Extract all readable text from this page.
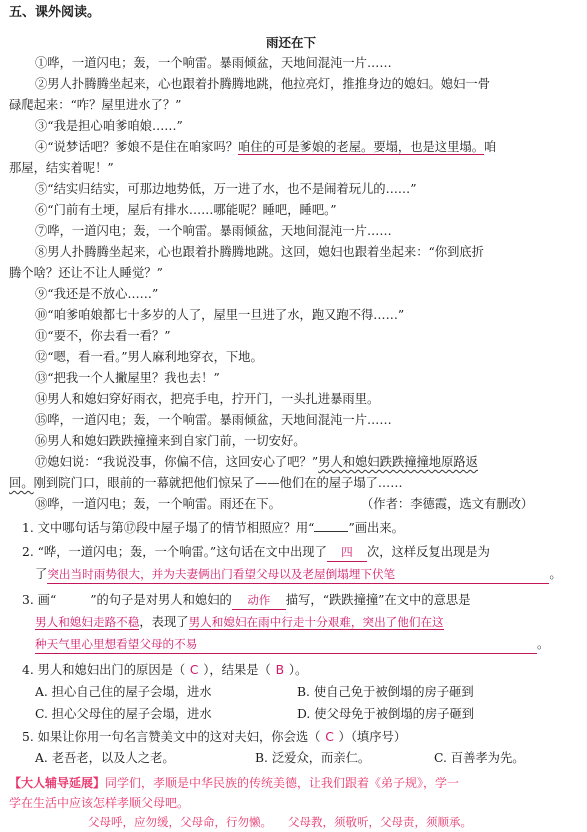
五、课外阅读。
雨还在下
①哗，一道闪电；轰，一个响雷。暴雨倾盆，天地间混沌一片……
②男人扑腾腾坐起来，心也跟着扑腾腾地跳，他拉亮灯，推推身边的媳妇。媳妇一骨
碌爬起来：“咋？屋里进水了？”
③“我是担心咱爹咱娘……”
④“说梦话吧？爹娘不是住在咱家吗？咱住的可是爹娘的老屋。要塌，也是这里塌。咱
那屋，结实着呢！”
⑤“结实归结实，可那边地势低，万一进了水，也不是闹着玩儿的……”
⑥“门前有土埂，屋后有排水……哪能呢？睡吧，睡吧。”
⑦哗，一道闪电；轰，一个响雷。暴雨倾盆，天地间混沌一片……
⑧男人扑腾腾坐起来，心也跟着扑腾腾地跳。这回，媳妇也跟着坐起来：“你到底折
腾个啥？还让不让人睡觉？”
⑨“我还是不放心……”
⑩“咱爹咱娘都七十多岁的人了，屋里一旦进了水，跑又跑不得……”
⑪“要不，你去看一看？”
⑫“嗯，看一看。”男人麻利地穿衣，下地。
⑬“把我一个人撇屋里？我也去！”
⑭男人和媳妇穿好雨衣，把亮手电，拧开门，一头扎进暴雨里。
⑮哗，一道闪电；轰，一个响雷。暴雨倾盆，天地间混沌一片……
⑯男人和媳妇跌跌撞撞来到自家门前，一切安好。
⑰媳妇说：“我说没事，你偏不信，这回安心了吧？”男人和媳妇跌跌撞撞地原路返
回。刚到院门口，眼前的一幕就把他们惊呆了——他们在的屋子塌了……
⑱哗，一道闪电；轰，一个响雷。雨还在下。	（作者：李德霞，选文有删改）
1. 文中哪句话与第⑰段中屋子塌了的情节相照应？用“	”画出来。
2. “哗，一道闪电；轰，一个响雷。”这句话在文中出现了 四 次，这样反复出现是为
了突出当时雨势很大，并为夫妻俩出门看望父母以及老屋倒塌埋下伏笔	。
3. 画“	”的句子是对男人和媳妇的 动作 描写，“跌跌撞撞”在文中的意思是
男人和媳妇走路不稳，表现了男人和媳妇在雨中行走十分艰难，突出了他们在这
种天气里心里想看望父母的不易	。
4. 男人和媳妇出门的原因是（ C ），结果是（ B ）。
A. 担心自己住的屋子会塌，进水	B. 使自己免于被倒塌的房子砸到
C. 担心父母住的屋子会塌，进水	D. 使父母免于被倒塌的房子砸到
5. 如果让你用一句名言赞美文中的这对夫妇，你会选（ C ）（填序号）
A. 老吾老，以及人之老。	B. 泛爱众，而亲仁。	C. 百善孝为先。
【大人辅导延展】同学们，孝顺是中华民族的传统美德，让我们跟着《弟子规》，学一
学在生活中应该怎样孝顺父母吧。
父母呼，应勿缓，父母命，行勿懒。 父母教，须敬听，父母责，须顺承。
